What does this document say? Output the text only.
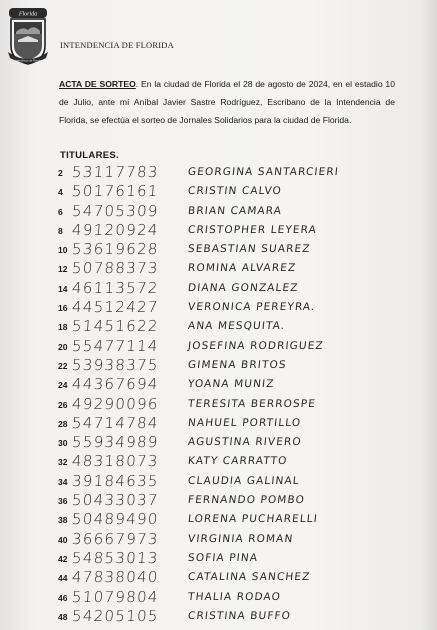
Florida
Intendencia de Florida
INTENDENCIA DE FLORIDA

ACTA DE SORTEO. En la ciudad de Florida el 28 de agosto de 2024, en el estadio 10 de Julio, ante mí Aníbal Javier Sastre Rodríguez, Escribano de la Intendencia de Florida, se efectúa el sorteo de Jornales Solidarios para la ciudad de Florida.

TITULARES.
2 53117783	GEORGINA SANTARCIERI
4 50176161	CRISTIN CALVO
6 54705309	BRIAN CAMARA
8 49120924	CRISTOPHER LEYERA
10 53619628	SEBASTIAN SUAREZ
12 50788373	ROMINA ALVAREZ
14 46113572	DIANA GONZALEZ
16 44512427	VERONICA PEREYRA.
18 51451622	ANA MESQUITA.
20 55477114	JOSEFINA RODRIGUEZ
22 53938375	GIMENA BRITOS
24 44367694	YOANA MUNIZ
26 49290096	TERESITA BERROSPE
28 54714784	NAHUEL PORTILLO
30 55934989	AGUSTINA RIVERO
32 48318073	KATY CARRATTO
34 39184635	CLAUDIA GALINAL
36 50433037	FERNANDO POMBO
38 50489490	LORENA PUCHARELLI
40 36667973	VIRGINIA ROMAN
42 54853013	SOFIA PINA
44 47838040	CATALINA SANCHEZ
46 51079804	THALIA RODAO
48 54205105	CRISTINA BUFFO
